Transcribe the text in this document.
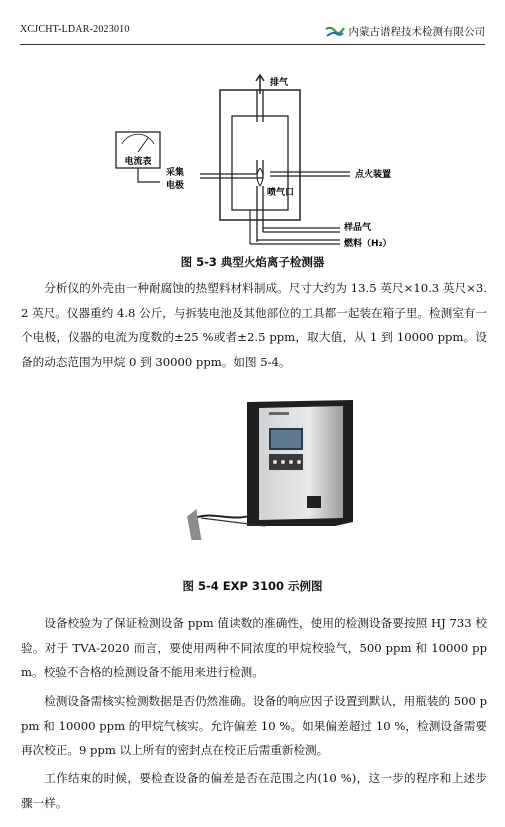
XCJCHT-LDAR-2023010	内蒙古谱程技术检测有限公司
排气
电流表
采集
电极
点火装置
喷气口
样品气
燃料（H₂）
图 5-3 典型火焰离子检测器
分析仪的外壳由一种耐腐蚀的热塑料材料制成。尺寸大约为 13.5 英尺×10.3 英尺×3.2 英尺。仪器重约 4.8 公斤，与拆装电池及其他部位的工具都一起装在箱子里。检测室有一个电极，仪器的电流为度数的±25 %或者±2.5 ppm，取大值，从 1 到 10000 ppm。设备的动态范围为甲烷 0 到 30000 ppm。如图 5-4。
图 5-4 EXP 3100 示例图
设备校验为了保证检测设备 ppm 值读数的准确性，使用的检测设备要按照 HJ 733 校验。对于 TVA-2020 而言，要使用两种不同浓度的甲烷校验气，500 ppm 和 10000 ppm。校验不合格的检测设备不能用来进行检测。
检测设备需核实检测数据是否仍然准确。设备的响应因子设置到默认，用瓶装的 500 ppm 和 10000 ppm 的甲烷气核实。允许偏差 10 %。如果偏差超过 10 %，检测设备需要再次校正。9 ppm 以上所有的密封点在校正后需重新检测。
工作结束的时候，要检查设备的偏差是否在范围之内(10 %)，这一步的程序和上述步骤一样。
